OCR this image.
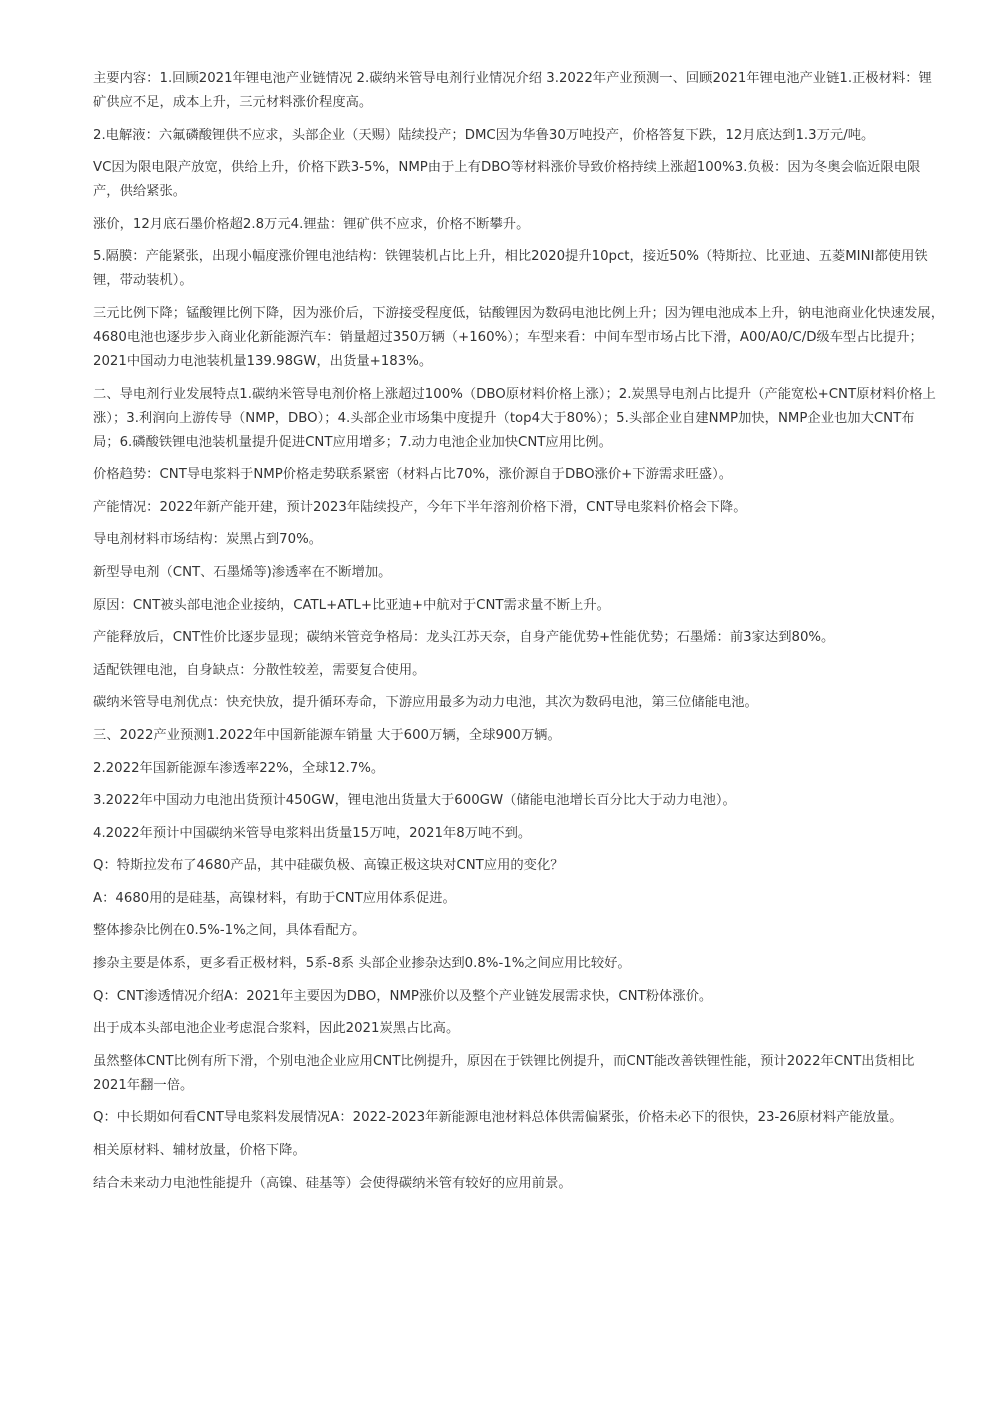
主要内容：1.回顾2021年锂电池产业链情况 2.碳纳米管导电剂行业情况介绍 3.2022年产业预测一、回顾2021年锂电池产业链1.正极材料：锂
矿供应不足，成本上升，三元材料涨价程度高。

2.电解液：六氟磷酸锂供不应求，头部企业（天赐）陆续投产；DMC因为华鲁30万吨投产，价格答复下跌，12月底达到1.3万元/吨。

VC因为限电限产放宽，供给上升，价格下跌3-5%，NMP由于上有DBO等材料涨价导致价格持续上涨超100%3.负极：因为冬奥会临近限电限
产，供给紧张。

涨价，12月底石墨价格超2.8万元4.锂盐：锂矿供不应求，价格不断攀升。

5.隔膜：产能紧张，出现小幅度涨价锂电池结构：铁锂装机占比上升，相比2020提升10pct，接近50%（特斯拉、比亚迪、五菱MINI都使用铁
锂，带动装机）。

三元比例下降；锰酸锂比例下降，因为涨价后，下游接受程度低，钴酸锂因为数码电池比例上升；因为锂电池成本上升，钠电池商业化快速发展，
4680电池也逐步步入商业化新能源汽车：销量超过350万辆（+160%）；车型来看：中间车型市场占比下滑，A00/A0/C/D级车型占比提升；
2021中国动力电池装机量139.98GW，出货量+183%。

二、导电剂行业发展特点1.碳纳米管导电剂价格上涨超过100%（DBO原材料价格上涨）；2.炭黑导电剂占比提升（产能宽松+CNT原材料价格上
涨）；3.利润向上游传导（NMP，DBO）；4.头部企业市场集中度提升（top4大于80%）；5.头部企业自建NMP加快，NMP企业也加大CNT布
局；6.磷酸铁锂电池装机量提升促进CNT应用增多；7.动力电池企业加快CNT应用比例。

价格趋势：CNT导电浆料于NMP价格走势联系紧密（材料占比70%，涨价源自于DBO涨价+下游需求旺盛）。

产能情况：2022年新产能开建，预计2023年陆续投产，今年下半年溶剂价格下滑，CNT导电浆料价格会下降。

导电剂材料市场结构：炭黑占到70%。

新型导电剂（CNT、石墨烯等)渗透率在不断增加。

原因：CNT被头部电池企业接纳，CATL+ATL+比亚迪+中航对于CNT需求量不断上升。

产能释放后，CNT性价比逐步显现；碳纳米管竞争格局：龙头江苏天奈，自身产能优势+性能优势；石墨烯：前3家达到80%。

适配铁锂电池，自身缺点：分散性较差，需要复合使用。

碳纳米管导电剂优点：快充快放，提升循环寿命，下游应用最多为动力电池，其次为数码电池，第三位储能电池。

三、2022产业预测1.2022年中国新能源车销量 大于600万辆，全球900万辆。

2.2022年国新能源车渗透率22%，全球12.7%。

3.2022年中国动力电池出货预计450GW，锂电池出货量大于600GW（储能电池增长百分比大于动力电池）。

4.2022年预计中国碳纳米管导电浆料出货量15万吨，2021年8万吨不到。

Q：特斯拉发布了4680产品，其中硅碳负极、高镍正极这块对CNT应用的变化？

A：4680用的是硅基，高镍材料，有助于CNT应用体系促进。

整体掺杂比例在0.5%-1%之间，具体看配方。

掺杂主要是体系，更多看正极材料，5系-8系 头部企业掺杂达到0.8%-1%之间应用比较好。

Q：CNT渗透情况介绍A：2021年主要因为DBO，NMP涨价以及整个产业链发展需求快，CNT粉体涨价。

出于成本头部电池企业考虑混合浆料，因此2021炭黑占比高。

虽然整体CNT比例有所下滑，个别电池企业应用CNT比例提升，原因在于铁锂比例提升，而CNT能改善铁锂性能，预计2022年CNT出货相比
2021年翻一倍。

Q：中长期如何看CNT导电浆料发展情况A：2022-2023年新能源电池材料总体供需偏紧张，价格未必下的很快，23-26原材料产能放量。

相关原材料、辅材放量，价格下降。

结合未来动力电池性能提升（高镍、硅基等）会使得碳纳米管有较好的应用前景。
